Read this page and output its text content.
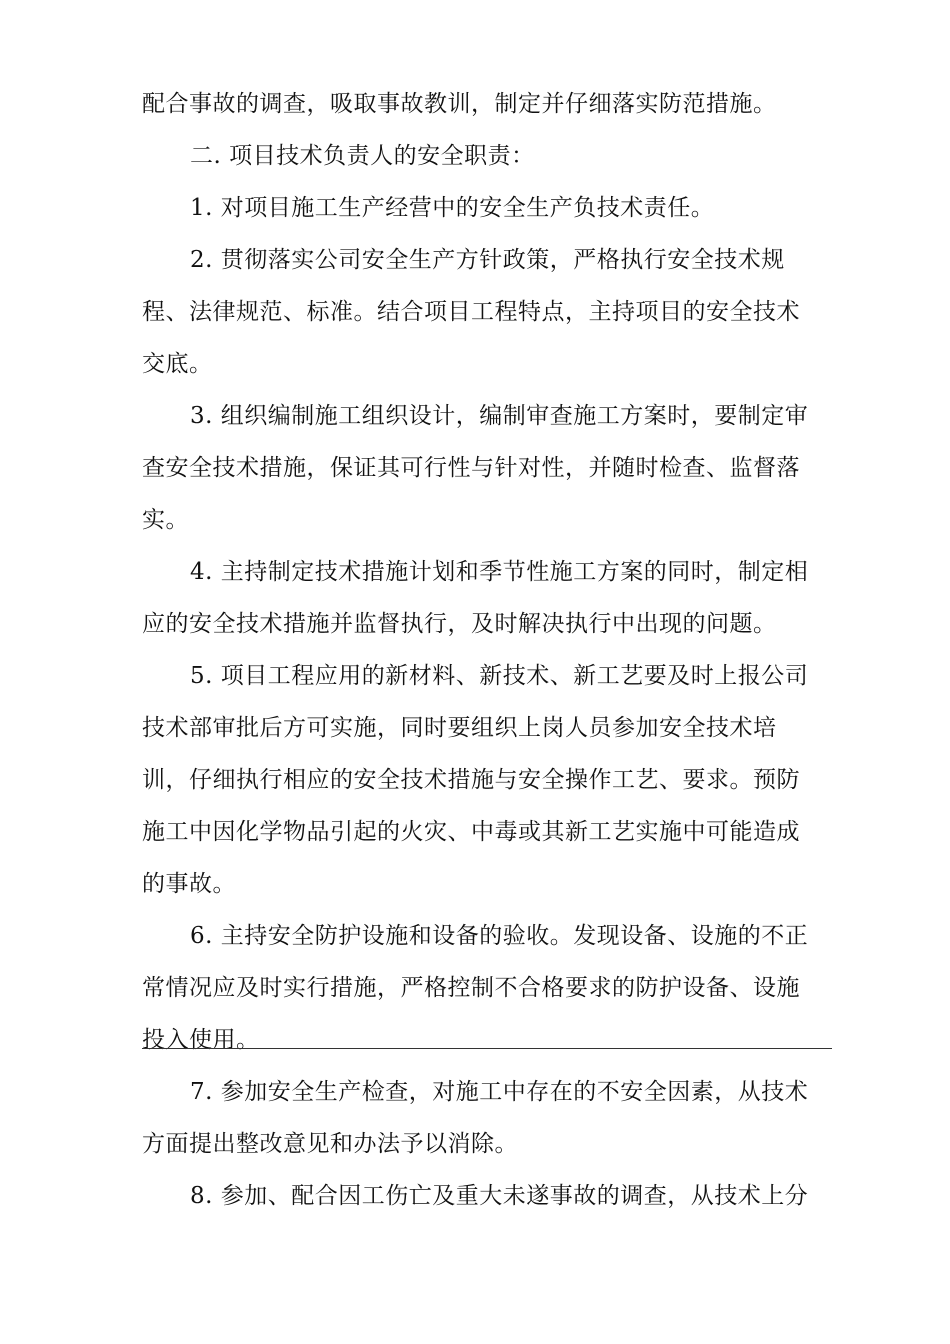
配合事故的调查，吸取事故教训，制定并仔细落实防范措施。
二. 项目技术负责人的安全职责：
1. 对项目施工生产经营中的安全生产负技术责任。
2. 贯彻落实公司安全生产方针政策，严格执行安全技术规
程、法律规范、标准。结合项目工程特点，主持项目的安全技术
交底。
3. 组织编制施工组织设计，编制审查施工方案时，要制定审
查安全技术措施，保证其可行性与针对性，并随时检查、监督落
实。
4. 主持制定技术措施计划和季节性施工方案的同时，制定相
应的安全技术措施并监督执行，及时解决执行中出现的问题。
5. 项目工程应用的新材料、新技术、新工艺要及时上报公司
技术部审批后方可实施，同时要组织上岗人员参加安全技术培
训，仔细执行相应的安全技术措施与安全操作工艺、要求。预防
施工中因化学物品引起的火灾、中毒或其新工艺实施中可能造成
的事故。
6. 主持安全防护设施和设备的验收。发现设备、设施的不正
常情况应及时实行措施，严格控制不合格要求的防护设备、设施
投入使用。
7. 参加安全生产检查，对施工中存在的不安全因素，从技术
方面提出整改意见和办法予以消除。
8. 参加、配合因工伤亡及重大未遂事故的调查，从技术上分
